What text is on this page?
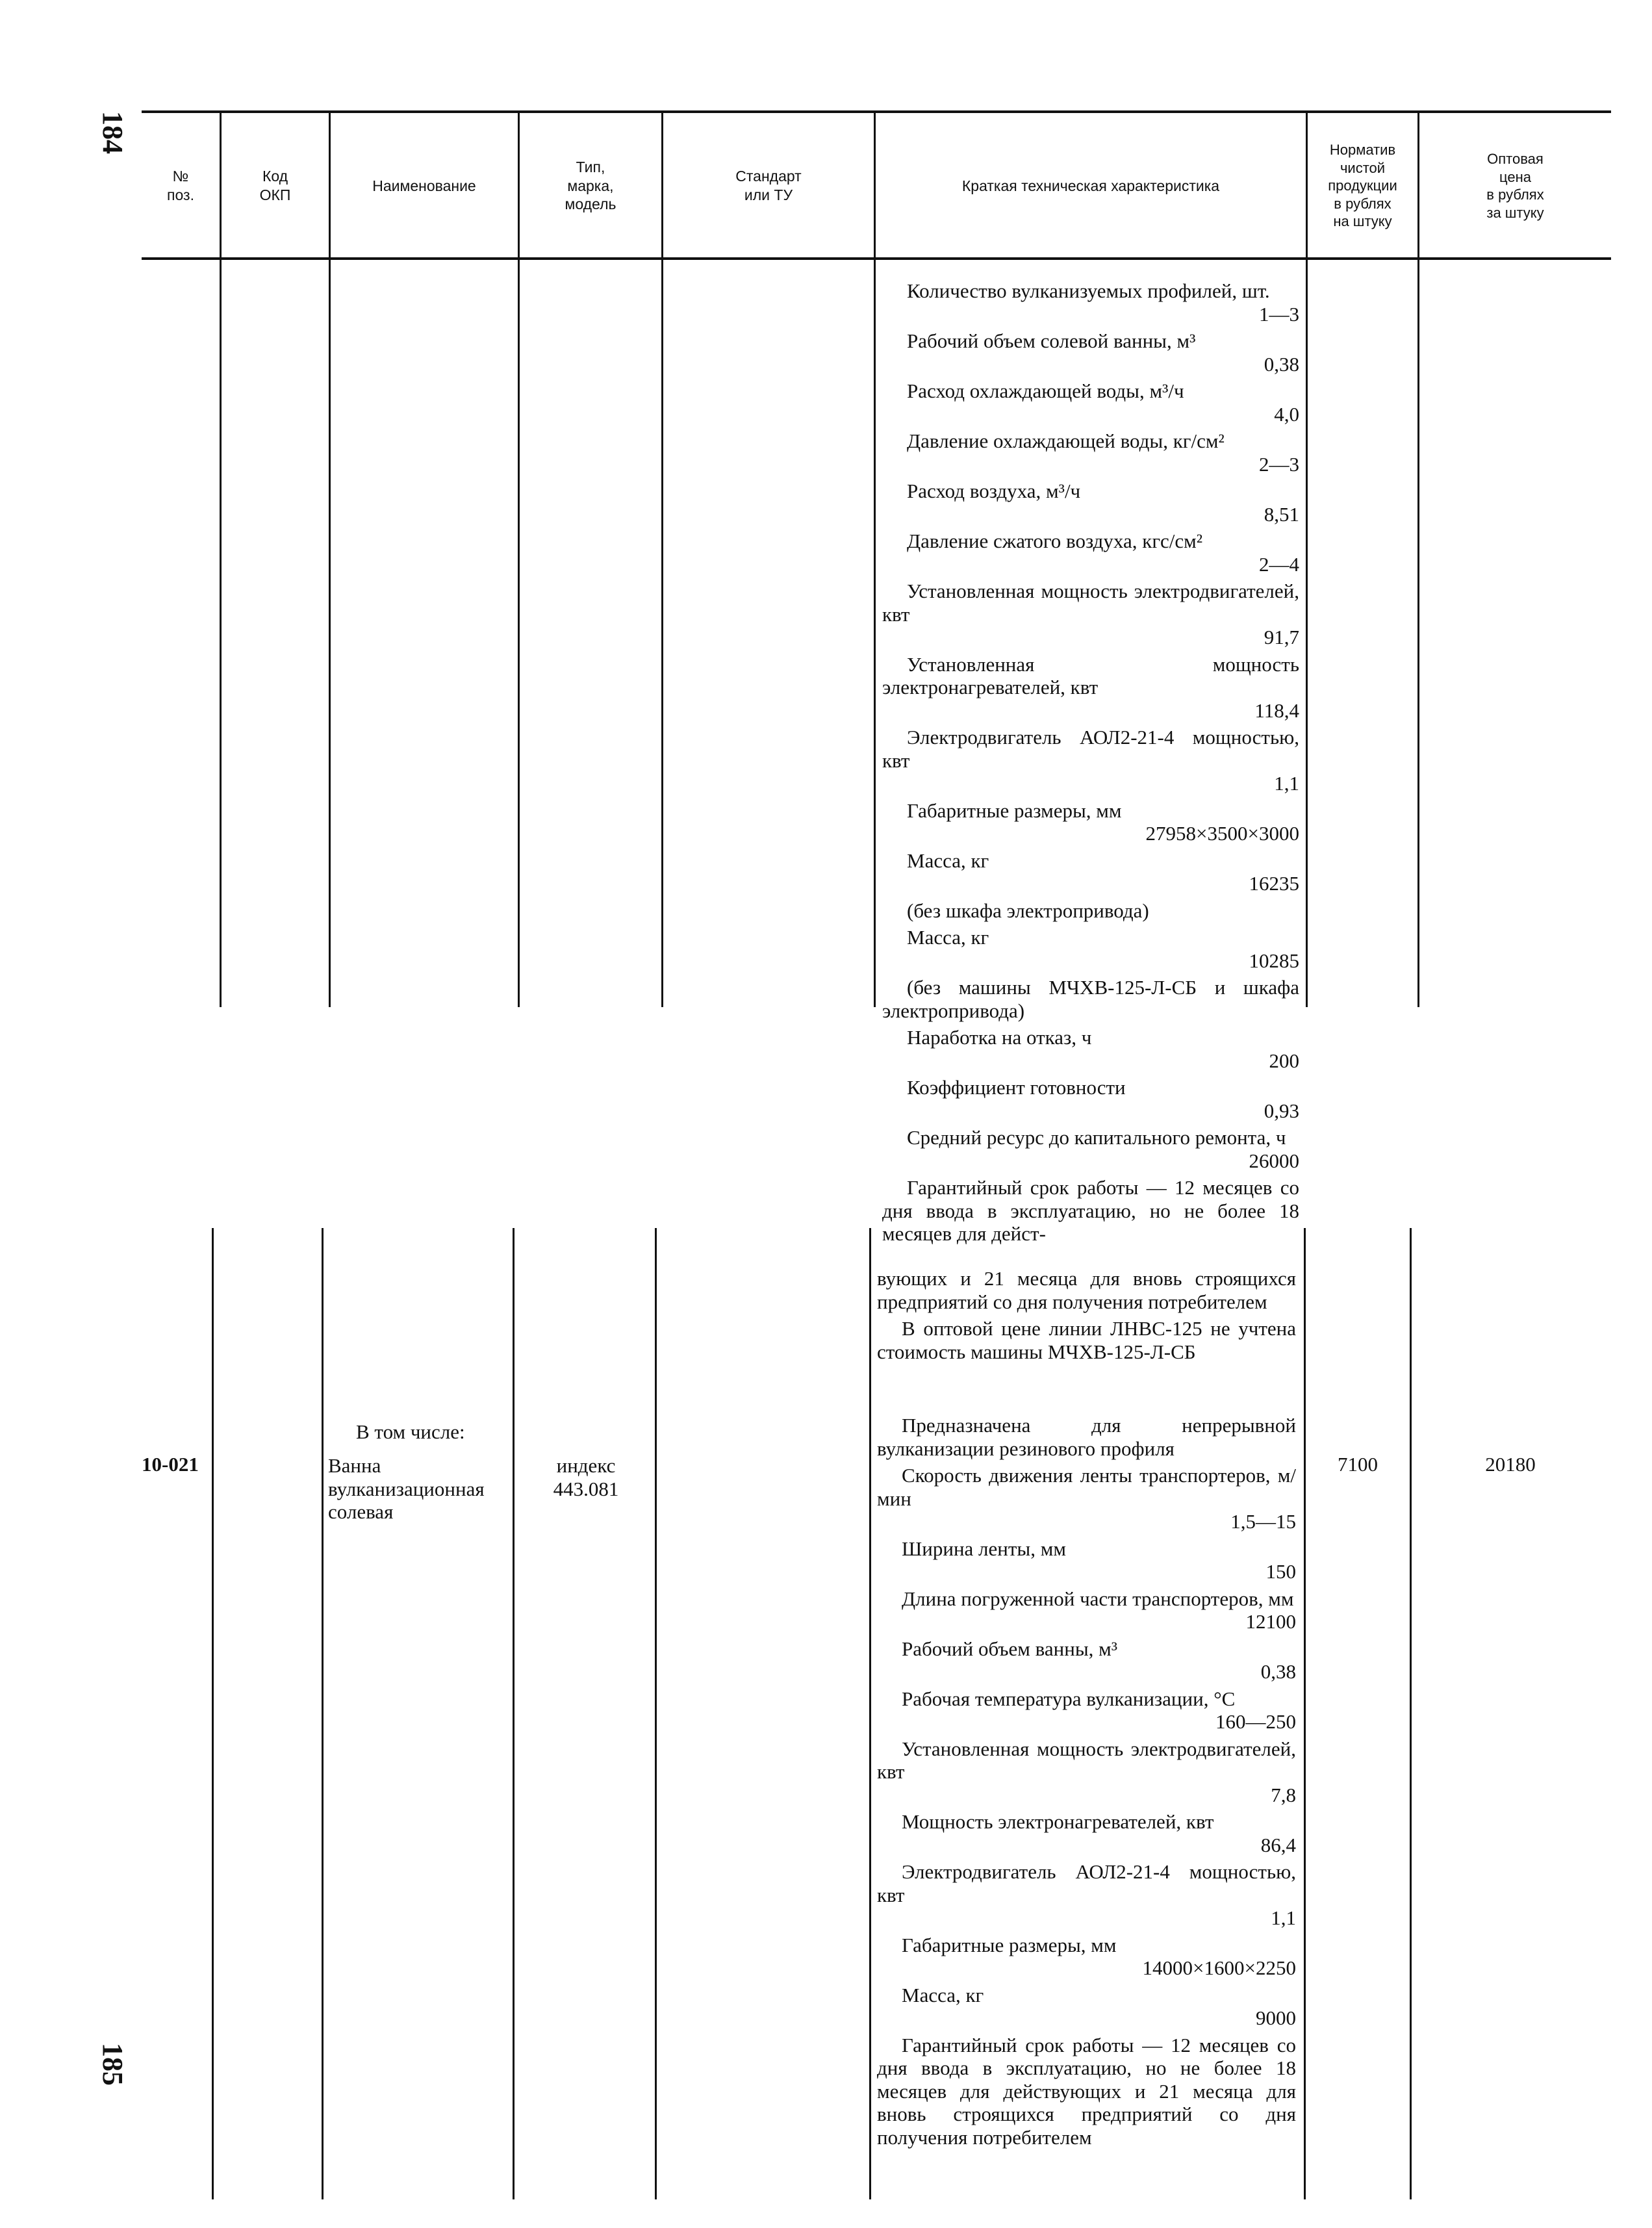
184
185
№
поз.
Код
ОКП
Наименование
Тип,
марка,
модель
Стандарт
или ТУ
Краткая техническая характеристика
Норматив
чистой
продукции
в рублях
на штуку
Оптовая
цена
в рублях
за штуку
Количество вулканизуемых профилей, шт.
1—3
Рабочий объем солевой ванны, м³
0,38
Расход охлаждающей воды, м³/ч
4,0
Давление охлаждающей воды, кг/см²
2—3
Расход воздуха, м³/ч
8,51
Давление сжатого воздуха, кгс/см²
2—4
Установленная мощность электродвигателей, квт
91,7
Установленная мощность электронагревателей, квт
118,4
Электродвигатель АОЛ2-21-4 мощностью, квт
1,1
Габаритные размеры, мм
27958×3500×3000
Масса, кг
16235
(без шкафа электропривода)
Масса, кг
10285
(без машины МЧХВ-125-Л-СБ и шкафа электропривода)
Наработка на отказ, ч
200
Коэффициент готовности
0,93
Средний ресурс до капитального ремонта, ч
26000
Гарантийный срок работы — 12 месяцев со дня ввода в эксплуатацию, но не более 18 месяцев для дейст-
10-021
В том числе:
Ванна вулканизационная солевая
индекс
443.081
7100	20180
вующих и 21 месяца для вновь строящихся предприятий со дня получения потребителем
В оптовой цене линии ЛНВС-125 не учтена стоимость машины МЧХВ-125-Л-СБ
Предназначена для непрерывной вулканизации резинового профиля
Скорость движения ленты транспортеров, м/мин
1,5—15
Ширина ленты, мм
150
Длина погруженной части транспортеров, мм
12100
Рабочий объем ванны, м³
0,38
Рабочая температура вулканизации, °С
160—250
Установленная мощность электродвигателей, квт
7,8
Мощность электронагревателей, квт
86,4
Электродвигатель АОЛ2-21-4 мощностью, квт
1,1
Габаритные размеры, мм
14000×1600×2250
Масса, кг
9000
Гарантийный срок работы — 12 месяцев со дня ввода в эксплуатацию, но не более 18 месяцев для действующих и 21 месяца для вновь строящихся предприятий со дня получения потребителем
